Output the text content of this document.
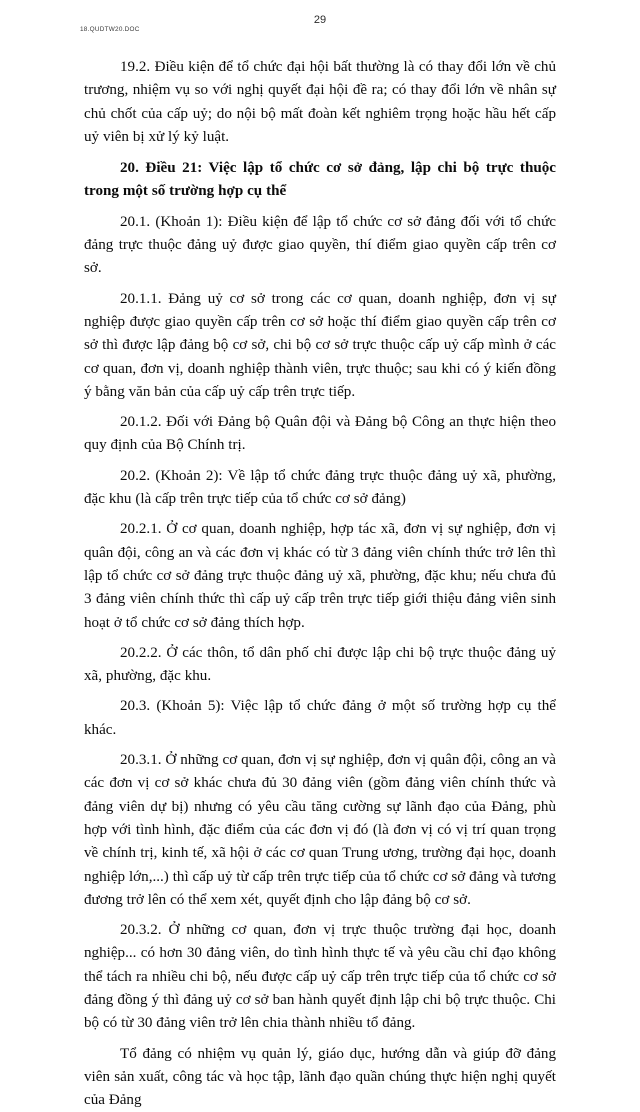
18.QUDTW20.DOC
29

19.2. Điều kiện để tổ chức đại hội bất thường là có thay đổi lớn về chủ trương, nhiệm vụ so với nghị quyết đại hội đề ra; có thay đổi lớn về nhân sự chủ chốt của cấp uỷ; do nội bộ mất đoàn kết nghiêm trọng hoặc hầu hết cấp uỷ viên bị xử lý kỷ luật.

20. Điều 21: Việc lập tổ chức cơ sở đảng, lập chi bộ trực thuộc trong một số trường hợp cụ thể

20.1. (Khoản 1): Điều kiện để lập tổ chức cơ sở đảng đối với tổ chức đảng trực thuộc đảng uỷ được giao quyền, thí điểm giao quyền cấp trên cơ sở.

20.1.1. Đảng uỷ cơ sở trong các cơ quan, doanh nghiệp, đơn vị sự nghiệp được giao quyền cấp trên cơ sở hoặc thí điểm giao quyền cấp trên cơ sở thì được lập đảng bộ cơ sở, chi bộ cơ sở trực thuộc cấp uỷ cấp mình ở các cơ quan, đơn vị, doanh nghiệp thành viên, trực thuộc; sau khi có ý kiến đồng ý bằng văn bản của cấp uỷ cấp trên trực tiếp.

20.1.2. Đối với Đảng bộ Quân đội và Đảng bộ Công an thực hiện theo quy định của Bộ Chính trị.

20.2. (Khoản 2): Về lập tổ chức đảng trực thuộc đảng uỷ xã, phường, đặc khu (là cấp trên trực tiếp của tổ chức cơ sở đảng)

20.2.1. Ở cơ quan, doanh nghiệp, hợp tác xã, đơn vị sự nghiệp, đơn vị quân đội, công an và các đơn vị khác có từ 3 đảng viên chính thức trở lên thì lập tổ chức cơ sở đảng trực thuộc đảng uỷ xã, phường, đặc khu; nếu chưa đủ 3 đảng viên chính thức thì cấp uỷ cấp trên trực tiếp giới thiệu đảng viên sinh hoạt ở tổ chức cơ sở đảng thích hợp.

20.2.2. Ở các thôn, tổ dân phố chỉ được lập chi bộ trực thuộc đảng uỷ xã, phường, đặc khu.

20.3. (Khoản 5): Việc lập tổ chức đảng ở một số trường hợp cụ thể khác.

20.3.1. Ở những cơ quan, đơn vị sự nghiệp, đơn vị quân đội, công an và các đơn vị cơ sở khác chưa đủ 30 đảng viên (gồm đảng viên chính thức và đảng viên dự bị) nhưng có yêu cầu tăng cường sự lãnh đạo của Đảng, phù hợp với tình hình, đặc điểm của các đơn vị đó (là đơn vị có vị trí quan trọng về chính trị, kinh tế, xã hội ở các cơ quan Trung ương, trường đại học, doanh nghiệp lớn,...) thì cấp uỷ từ cấp trên trực tiếp của tổ chức cơ sở đảng và tương đương trở lên có thể xem xét, quyết định cho lập đảng bộ cơ sở.

20.3.2. Ở những cơ quan, đơn vị trực thuộc trường đại học, doanh nghiệp... có hơn 30 đảng viên, do tình hình thực tế và yêu cầu chỉ đạo không thể tách ra nhiều chi bộ, nếu được cấp uỷ cấp trên trực tiếp của tổ chức cơ sở đảng đồng ý thì đảng uỷ cơ sở ban hành quyết định lập chi bộ trực thuộc. Chi bộ có từ 30 đảng viên trở lên chia thành nhiều tổ đảng.

Tổ đảng có nhiệm vụ quản lý, giáo dục, hướng dẫn và giúp đỡ đảng viên sản xuất, công tác và học tập, lãnh đạo quần chúng thực hiện nghị quyết của Đảng
